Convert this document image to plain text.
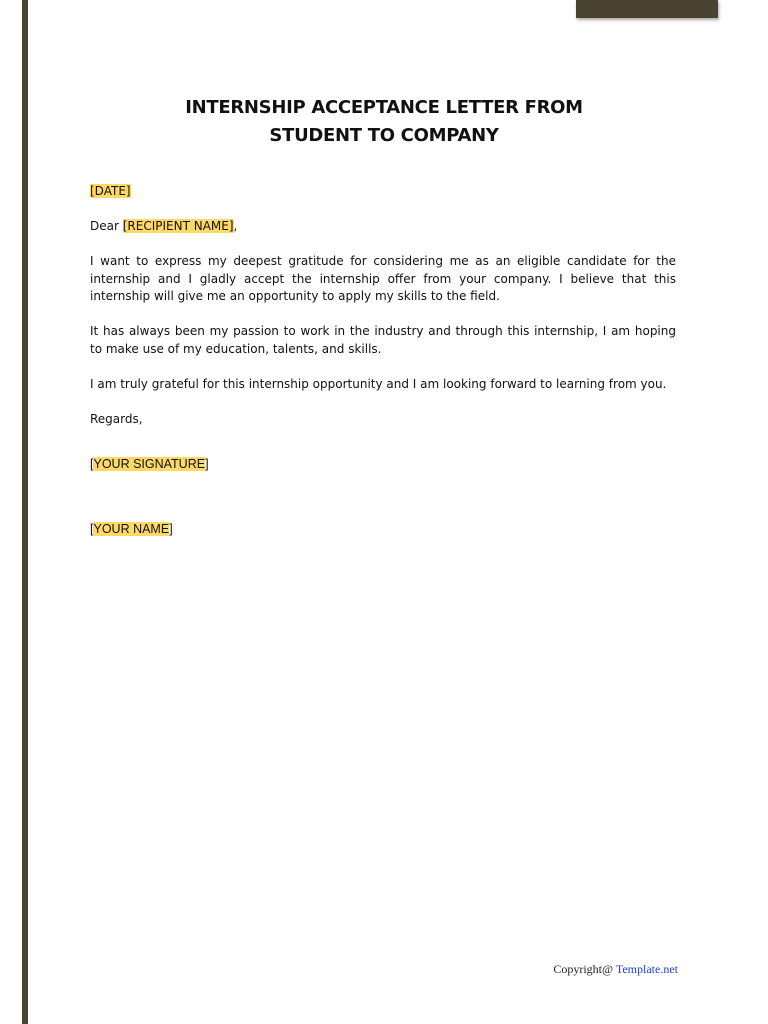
INTERNSHIP ACCEPTANCE LETTER FROM
STUDENT TO COMPANY
[DATE]
Dear [RECIPIENT NAME],
I want to express my deepest gratitude for considering me as an eligible candidate for the internship and I gladly accept the internship offer from your company. I believe that this internship will give me an opportunity to apply my skills to the field.
It has always been my passion to work in the industry and through this internship, I am hoping to make use of my education, talents, and skills.
I am truly grateful for this internship opportunity and I am looking forward to learning from you.
Regards,
[YOUR SIGNATURE]
[YOUR NAME]
Copyright@ Template.net
